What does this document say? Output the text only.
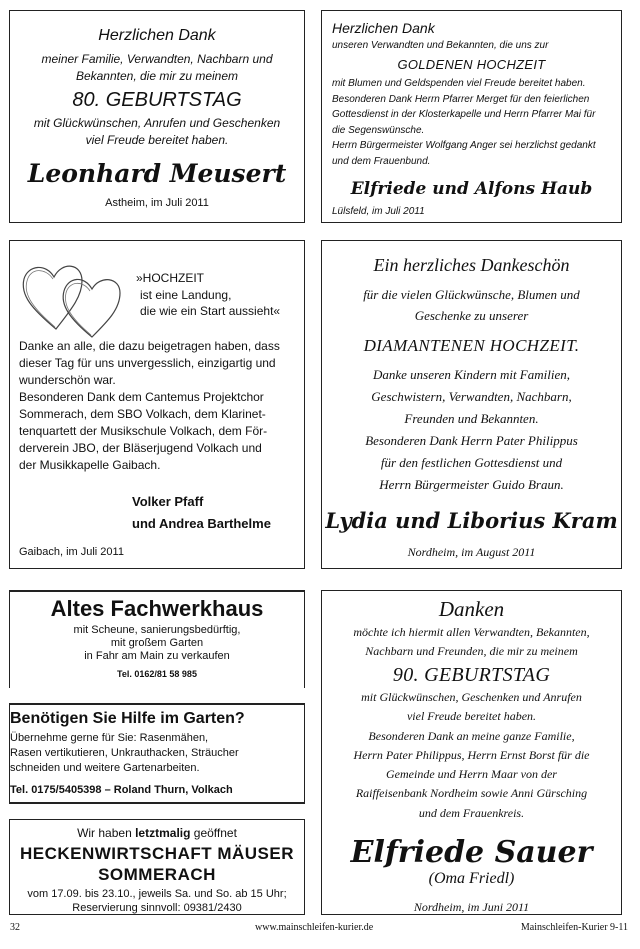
Herzlichen Dank
meiner Familie, Verwandten, Nachbarn und
Bekannten, die mir zu meinem
80. GEBURTSTAG
mit Glückwünschen, Anrufen und Geschenken
viel Freude bereitet haben.
Leonhard Meusert
Astheim, im Juli 2011
Herzlichen Dank
unseren Verwandten und Bekannten, die uns zur
GOLDENEN HOCHZEIT
mit Blumen und Geldspenden viel Freude bereitet haben.
Besonderen Dank Herrn Pfarrer Merget für den feierlichen
Gottesdienst in der Klosterkapelle und Herrn Pfarrer Mai für
die Segenswünsche.
Herrn Bürgermeister Wolfgang Anger sei herzlichst gedankt
und dem Frauenbund.
Elfriede und Alfons Haub
Lülsfeld, im Juli 2011
»HOCHZEIT
ist eine Landung,
die wie ein Start aussieht«
Danke an alle, die dazu beigetragen haben, dass
dieser Tag für uns unvergesslich, einzigartig und
wunderschön war.
Besonderen Dank dem Cantemus Projektchor
Sommerach, dem SBO Volkach, dem Klarinet-
tenquartett der Musikschule Volkach, dem För-
derverein JBO, der Bläserjugend Volkach und
der Musikkapelle Gaibach.
Volker Pfaff
und Andrea Barthelme
Gaibach, im Juli 2011
Ein herzliches Dankeschön
für die vielen Glückwünsche, Blumen und
Geschenke zu unserer
DIAMANTENEN HOCHZEIT.
Danke unseren Kindern mit Familien,
Geschwistern, Verwandten, Nachbarn,
Freunden und Bekannten.
Besonderen Dank Herrn Pater Philippus
für den festlichen Gottesdienst und
Herrn Bürgermeister Guido Braun.
Lydia und Liborius Kram
Nordheim, im August 2011
Altes Fachwerkhaus
mit Scheune, sanierungsbedürftig,
mit großem Garten
in Fahr am Main zu verkaufen
Tel. 0162/81 58 985
Benötigen Sie Hilfe im Garten?
Übernehme gerne für Sie: Rasenmähen,
Rasen vertikutieren, Unkrauthacken, Sträucher
schneiden und weitere Gartenarbeiten.
Tel. 0175/5405398 – Roland Thurn, Volkach
Wir haben letztmalig geöffnet
HECKENWIRTSCHAFT MÄUSER
SOMMERACH
vom 17.09. bis 23.10., jeweils Sa. und So. ab 15 Uhr;
Reservierung sinnvoll: 09381/2430
Danken
möchte ich hiermit allen Verwandten, Bekannten,
Nachbarn und Freunden, die mir zu meinem
90. GEBURTSTAG
mit Glückwünschen, Geschenken und Anrufen
viel Freude bereitet haben.
Besonderen Dank an meine ganze Familie,
Herrn Pater Philippus, Herrn Ernst Borst für die
Gemeinde und Herrn Maar von der
Raiffeisenbank Nordheim sowie Anni Gürsching
und dem Frauenkreis.
Elfriede Sauer
(Oma Friedl)
Nordheim, im Juni 2011
32	www.mainschleifen-kurier.de	Mainschleifen-Kurier 9-11
